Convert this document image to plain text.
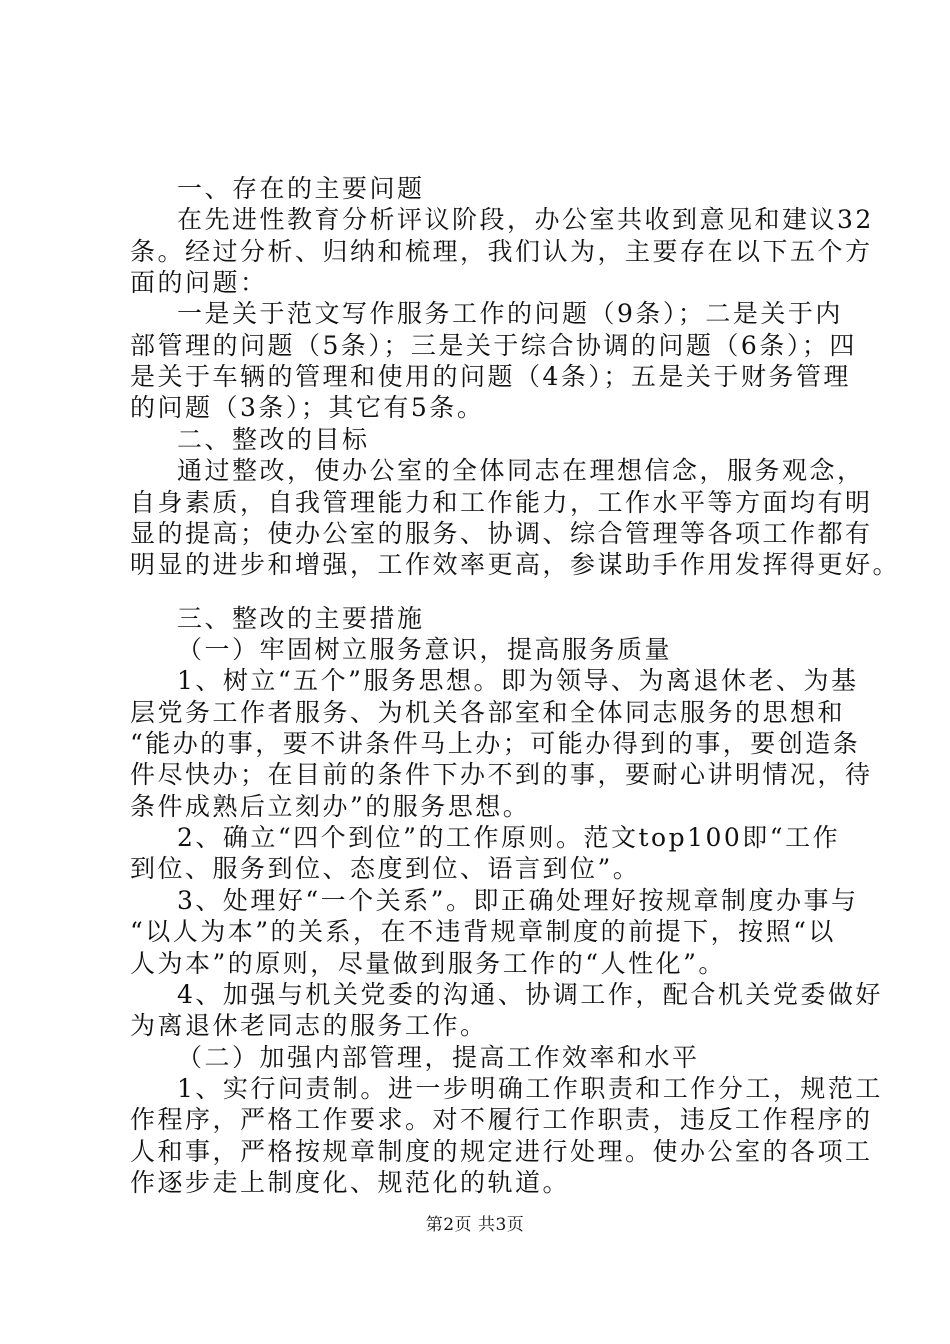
一、存在的主要问题
在先进性教育分析评议阶段，办公室共收到意见和建议32
条。经过分析、归纳和梳理，我们认为，主要存在以下五个方
面的问题：
一是关于范文写作服务工作的问题（9条）；二是关于内
部管理的问题（5条）；三是关于综合协调的问题（6条）；四
是关于车辆的管理和使用的问题（4条）；五是关于财务管理
的问题（3条）；其它有5条。
二、整改的目标
通过整改，使办公室的全体同志在理想信念，服务观念，
自身素质，自我管理能力和工作能力，工作水平等方面均有明
显的提高；使办公室的服务、协调、综合管理等各项工作都有
明显的进步和增强，工作效率更高，参谋助手作用发挥得更好。
三、整改的主要措施
（一）牢固树立服务意识，提高服务质量
1、树立“五个”服务思想。即为领导、为离退休老、为基
层党务工作者服务、为机关各部室和全体同志服务的思想和
“能办的事，要不讲条件马上办；可能办得到的事，要创造条
件尽快办；在目前的条件下办不到的事，要耐心讲明情况，待
条件成熟后立刻办”的服务思想。
2、确立“四个到位”的工作原则。范文top100即“工作
到位、服务到位、态度到位、语言到位”。
3、处理好“一个关系”。即正确处理好按规章制度办事与
“以人为本”的关系，在不违背规章制度的前提下，按照“以
人为本”的原则，尽量做到服务工作的“人性化”。
4、加强与机关党委的沟通、协调工作，配合机关党委做好
为离退休老同志的服务工作。
（二）加强内部管理，提高工作效率和水平
1、实行问责制。进一步明确工作职责和工作分工，规范工
作程序，严格工作要求。对不履行工作职责，违反工作程序的
人和事，严格按规章制度的规定进行处理。使办公室的各项工
作逐步走上制度化、规范化的轨道。
第2页 共3页
